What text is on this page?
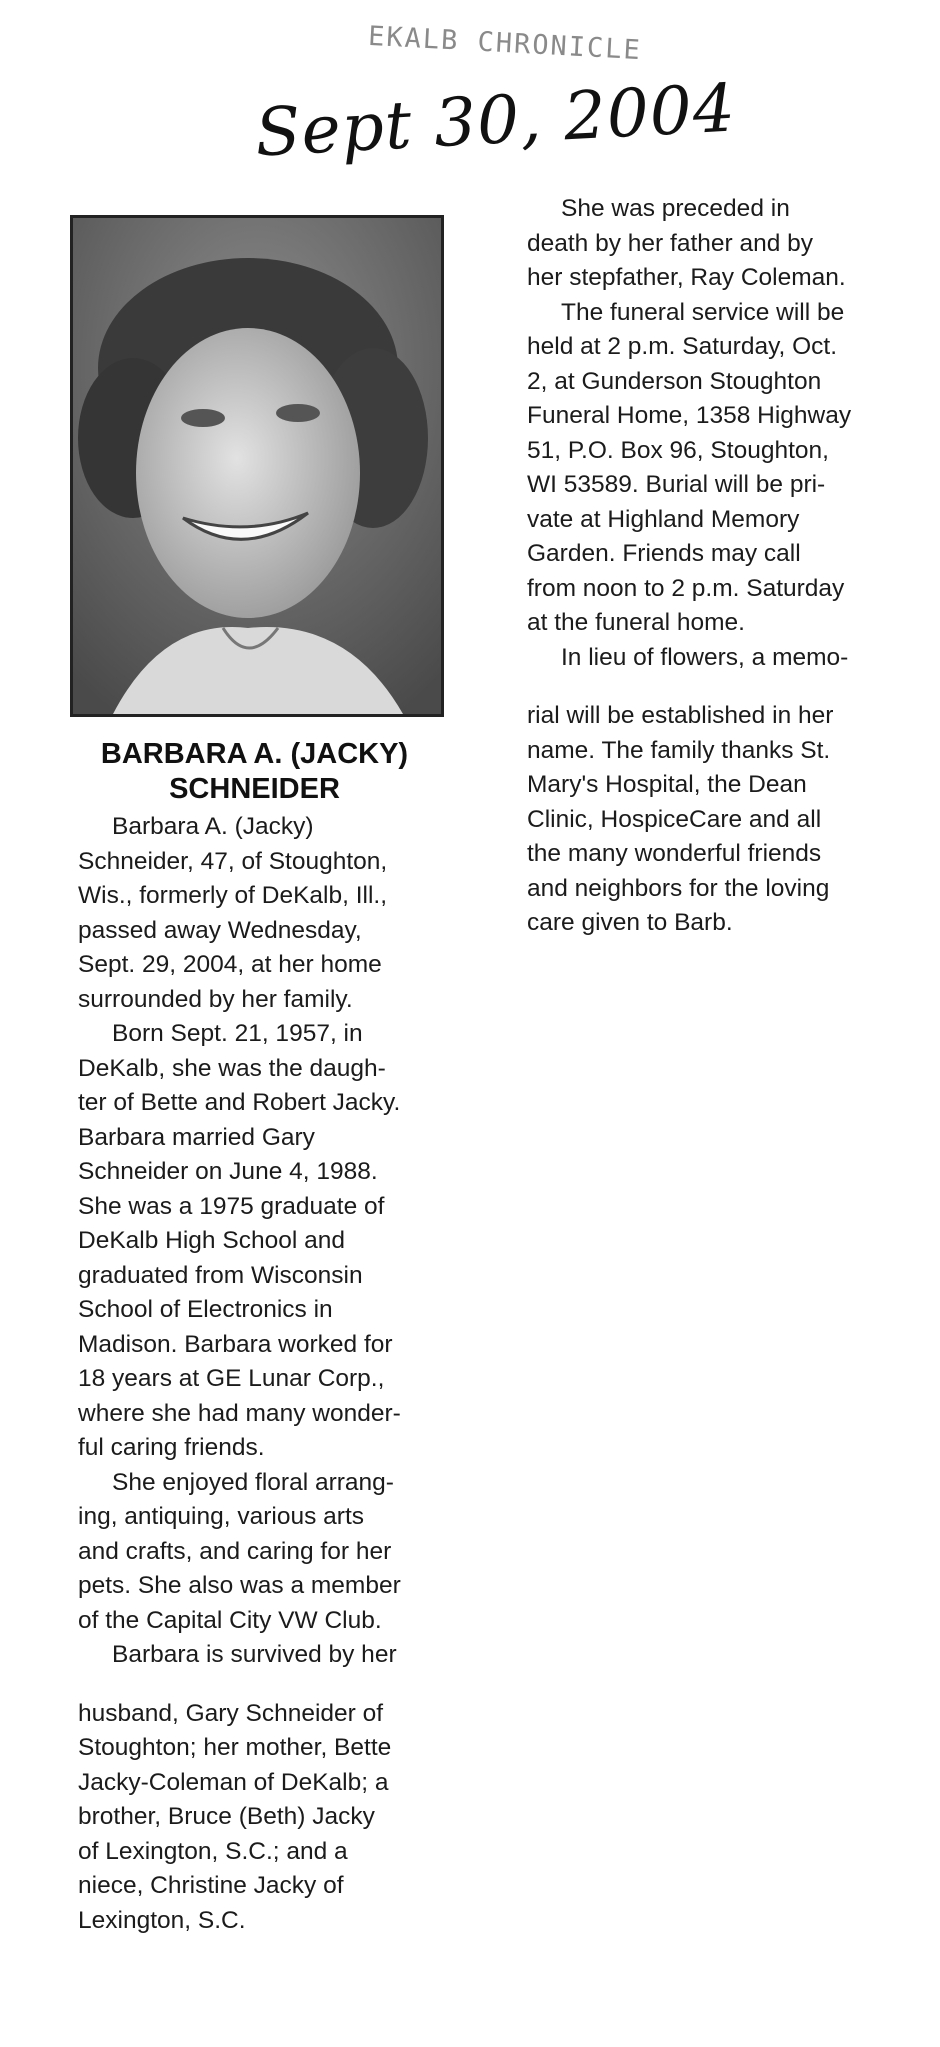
EKALB CHRONICLE
Sept 30, 2004
BARBARA A. (JACKY)
SCHNEIDER
Barbara A. (Jacky)
Schneider, 47, of Stoughton,
Wis., formerly of DeKalb, Ill.,
passed away Wednesday,
Sept. 29, 2004, at her home
surrounded by her family.
Born Sept. 21, 1957, in
DeKalb, she was the daugh-
ter of Bette and Robert Jacky.
Barbara married Gary
Schneider on June 4, 1988.
She was a 1975 graduate of
DeKalb High School and
graduated from Wisconsin
School of Electronics in
Madison. Barbara worked for
18 years at GE Lunar Corp.,
where she had many wonder-
ful caring friends.
She enjoyed floral arrang-
ing, antiquing, various arts
and crafts, and caring for her
pets. She also was a member
of the Capital City VW Club.
Barbara is survived by her
husband, Gary Schneider of
Stoughton; her mother, Bette
Jacky-Coleman of DeKalb; a
brother, Bruce (Beth) Jacky
of Lexington, S.C.; and a
niece, Christine Jacky of
Lexington, S.C.
She was preceded in
death by her father and by
her stepfather, Ray Coleman.
The funeral service will be
held at 2 p.m. Saturday, Oct.
2, at Gunderson Stoughton
Funeral Home, 1358 Highway
51, P.O. Box 96, Stoughton,
WI 53589. Burial will be pri-
vate at Highland Memory
Garden. Friends may call
from noon to 2 p.m. Saturday
at the funeral home.
In lieu of flowers, a memo-
rial will be established in her
name. The family thanks St.
Mary's Hospital, the Dean
Clinic, HospiceCare and all
the many wonderful friends
and neighbors for the loving
care given to Barb.
